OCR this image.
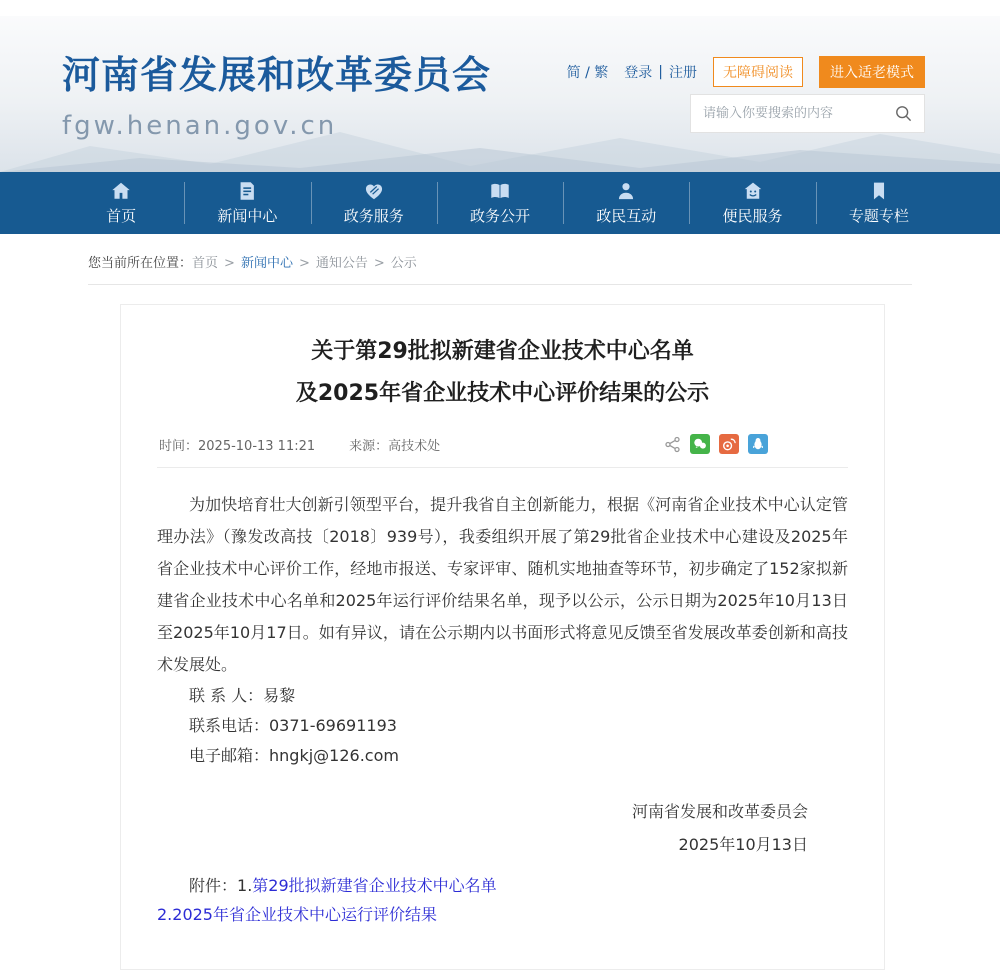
河南省发展和改革委员会
fgw.henan.gov.cn
简 / 繁 登录 | 注册	无障碍阅读	进入适老模式
请输入你要搜索的内容
首页	新闻中心	政务服务	政务公开	政民互动	便民服务	专题专栏
您当前所在位置：首页 > 新闻中心 > 通知公告 > 公示
关于第29批拟新建省企业技术中心名单
及2025年省企业技术中心评价结果的公示
时间：2025-10-13 11:21	来源：高技术处

为加快培育壮大创新引领型平台，提升我省自主创新能力，根据《河南省企业技术中心认定管理办法》（豫发改高技〔2018〕939号），我委组织开展了第29批省企业技术中心建设及2025年省企业技术中心评价工作，经地市报送、专家评审、随机实地抽查等环节，初步确定了152家拟新建省企业技术中心名单和2025年运行评价结果名单，现予以公示，公示日期为2025年10月13日至2025年10月17日。如有异议，请在公示期内以书面形式将意见反馈至省发展改革委创新和高技术发展处。

联 系 人：易黎
联系电话：0371-69691193
电子邮箱：hngkj@126.com
河南省发展和改革委员会
2025年10月13日
附件：1.第29批拟新建省企业技术中心名单
2.2025年省企业技术中心运行评价结果
